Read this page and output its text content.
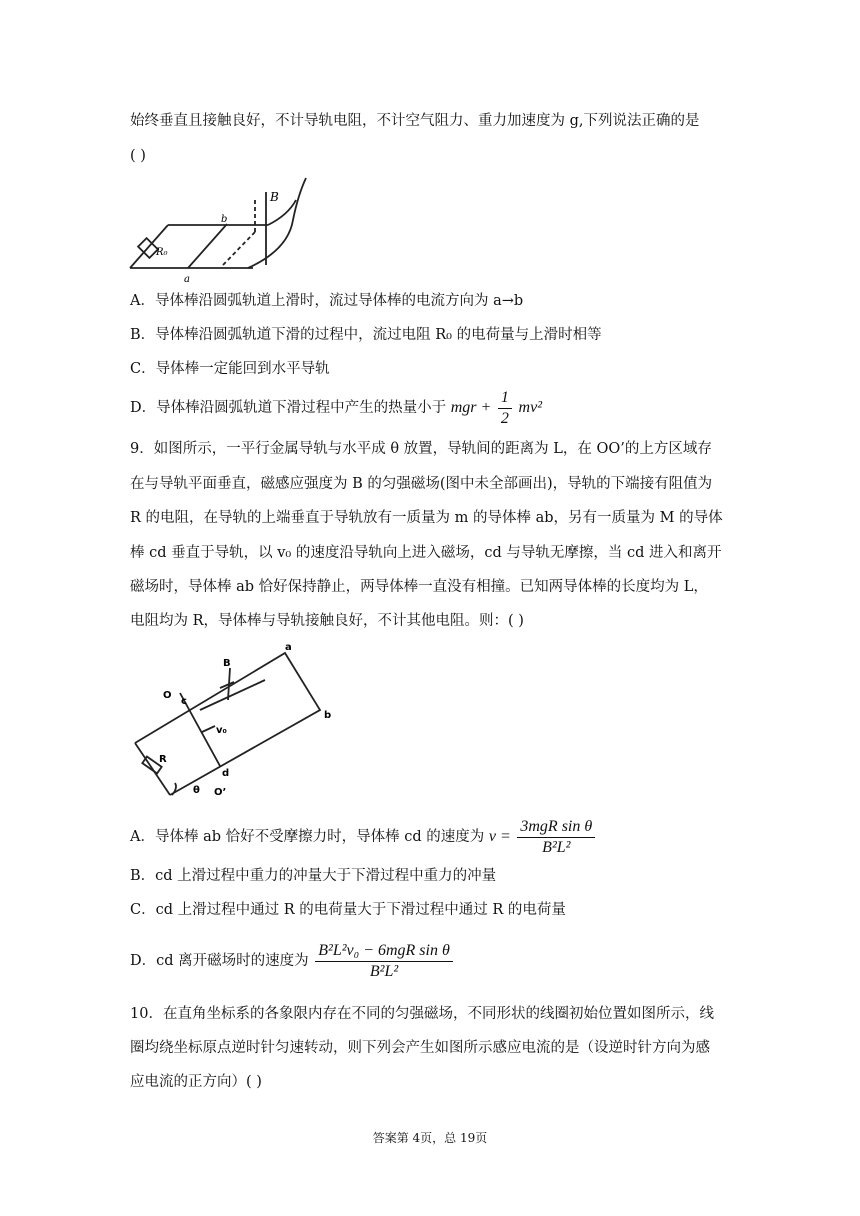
始终垂直且接触良好，不计导轨电阻，不计空气阻力、重力加速度为 g,下列说法正确的是
( )
B
R₀
a
b
A．导体棒沿圆弧轨道上滑时，流过导体棒的电流方向为 a→b
B．导体棒沿圆弧轨道下滑的过程中，流过电阻 R₀ 的电荷量与上滑时相等
C．导体棒一定能回到水平导轨
D．导体棒沿圆弧轨道下滑过程中产生的热量小于 mgr + $\frac{1}{2} mv^2$
9．如图所示，一平行金属导轨与水平成 θ 放置，导轨间的距离为 L，在 OO’的上方区域存
在与导轨平面垂直，磁感应强度为 B 的匀强磁场(图中未全部画出)，导轨的下端接有阻值为
R 的电阻，在导轨的上端垂直于导轨放有一质量为 m 的导体棒 ab，另有一质量为 M 的导体
棒 cd 垂直于导轨，以 v₀ 的速度沿导轨向上进入磁场，cd 与导轨无摩擦，当 cd 进入和离开
磁场时，导体棒 ab 恰好保持静止，两导体棒一直没有相撞。已知两导体棒的长度均为 L，
电阻均为 R，导体棒与导轨接触良好，不计其他电阻。则：( )
a
b
B
O
c
v₀
R
d
θ O’
A．导体棒 ab 恰好不受摩擦力时，导体棒 cd 的速度为 $v = \frac{\text{3mgR sin θ}}{\text{B²L²}}$
B．cd 上滑过程中重力的冲量大于下滑过程中重力的冲量
C．cd 上滑过程中通过 R 的电荷量大于下滑过程中通过 R 的电荷量
D．cd 离开磁场时的速度为 $\frac{\text{B²L²v₀ − 6mgR sin θ}}{\text{B²L²}}$
10．在直角坐标系的各象限内存在不同的匀强磁场，不同形状的线圈初始位置如图所示，线
圈均绕坐标原点逆时针匀速转动，则下列会产生如图所示感应电流的是（设逆时针方向为感
应电流的正方向）( )
答案第 4页，总 19页
